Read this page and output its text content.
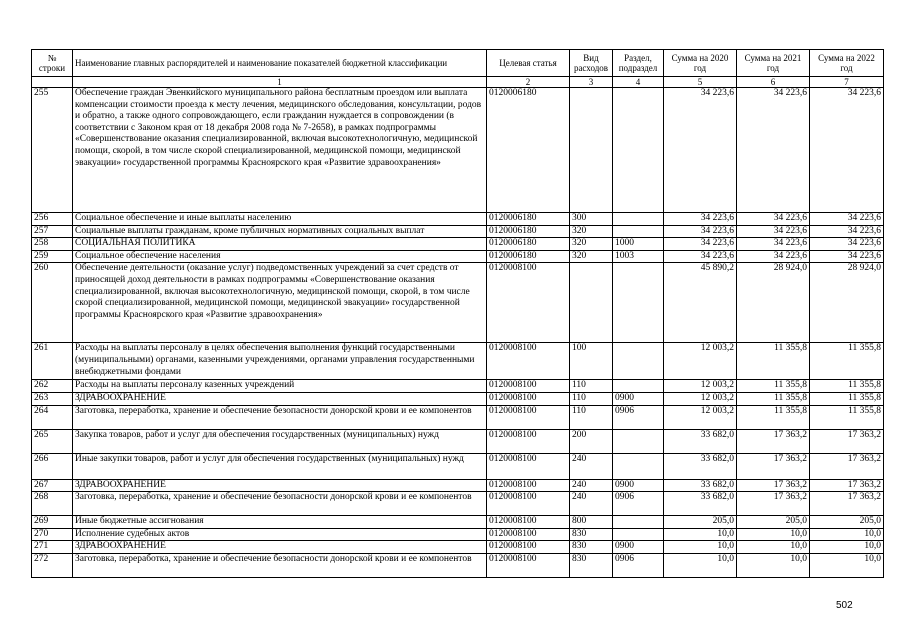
№ строки	Наименование главных распорядителей и наименование показателей бюджетной классификации	Целевая статья	Вид расходов	Раздел, подраздел	Сумма на 2020 год	Сумма на 2021 год	Сумма на 2022 год
	1	2	3	4	5	6	7
255	Обеспечение граждан Эвенкийского муниципального района бесплатным проездом или выплата компенсации стоимости проезда к месту лечения, медицинского обследования, консультации, родов и обратно, а также одного сопровождающего, если гражданин нуждается в сопровождении (в соответствии с Законом края от 18 декабря 2008 года № 7-2658), в рамках подпрограммы «Совершенствование оказания специализированной, включая высокотехнологичную, медицинской помощи, скорой, в том числе скорой специализированной, медицинской помощи, медицинской эвакуации» государственной программы Красноярского края «Развитие здравоохранения»	0120006180			34 223,6	34 223,6	34 223,6
256	Социальное обеспечение и иные выплаты населению	0120006180	300		34 223,6	34 223,6	34 223,6
257	Социальные выплаты гражданам, кроме публичных нормативных социальных выплат	0120006180	320		34 223,6	34 223,6	34 223,6
258	СОЦИАЛЬНАЯ ПОЛИТИКА	0120006180	320	1000	34 223,6	34 223,6	34 223,6
259	Социальное обеспечение населения	0120006180	320	1003	34 223,6	34 223,6	34 223,6
260	Обеспечение деятельности (оказание услуг) подведомственных учреждений за счет средств от приносящей доход деятельности в рамках подпрограммы «Совершенствование оказания специализированной, включая высокотехнологичную, медицинской помощи, скорой, в том числе скорой специализированной, медицинской помощи, медицинской эвакуации» государственной программы Красноярского края «Развитие здравоохранения»	0120008100			45 890,2	28 924,0	28 924,0
261	Расходы на выплаты персоналу в целях обеспечения выполнения функций государственными (муниципальными) органами, казенными учреждениями, органами управления государственными внебюджетными фондами	0120008100	100		12 003,2	11 355,8	11 355,8
262	Расходы на выплаты персоналу казенных учреждений	0120008100	110		12 003,2	11 355,8	11 355,8
263	ЗДРАВООХРАНЕНИЕ	0120008100	110	0900	12 003,2	11 355,8	11 355,8
264	Заготовка, переработка, хранение и обеспечение безопасности донорской крови и ее компонентов	0120008100	110	0906	12 003,2	11 355,8	11 355,8
265	Закупка товаров, работ и услуг для обеспечения государственных (муниципальных) нужд	0120008100	200		33 682,0	17 363,2	17 363,2
266	Иные закупки товаров, работ и услуг для обеспечения государственных (муниципальных) нужд	0120008100	240		33 682,0	17 363,2	17 363,2
267	ЗДРАВООХРАНЕНИЕ	0120008100	240	0900	33 682,0	17 363,2	17 363,2
268	Заготовка, переработка, хранение и обеспечение безопасности донорской крови и ее компонентов	0120008100	240	0906	33 682,0	17 363,2	17 363,2
269	Иные бюджетные ассигнования	0120008100	800		205,0	205,0	205,0
270	Исполнение судебных актов	0120008100	830		10,0	10,0	10,0
271	ЗДРАВООХРАНЕНИЕ	0120008100	830	0900	10,0	10,0	10,0
272	Заготовка, переработка, хранение и обеспечение безопасности донорской крови и ее компонентов	0120008100	830	0906	10,0	10,0	10,0
502
